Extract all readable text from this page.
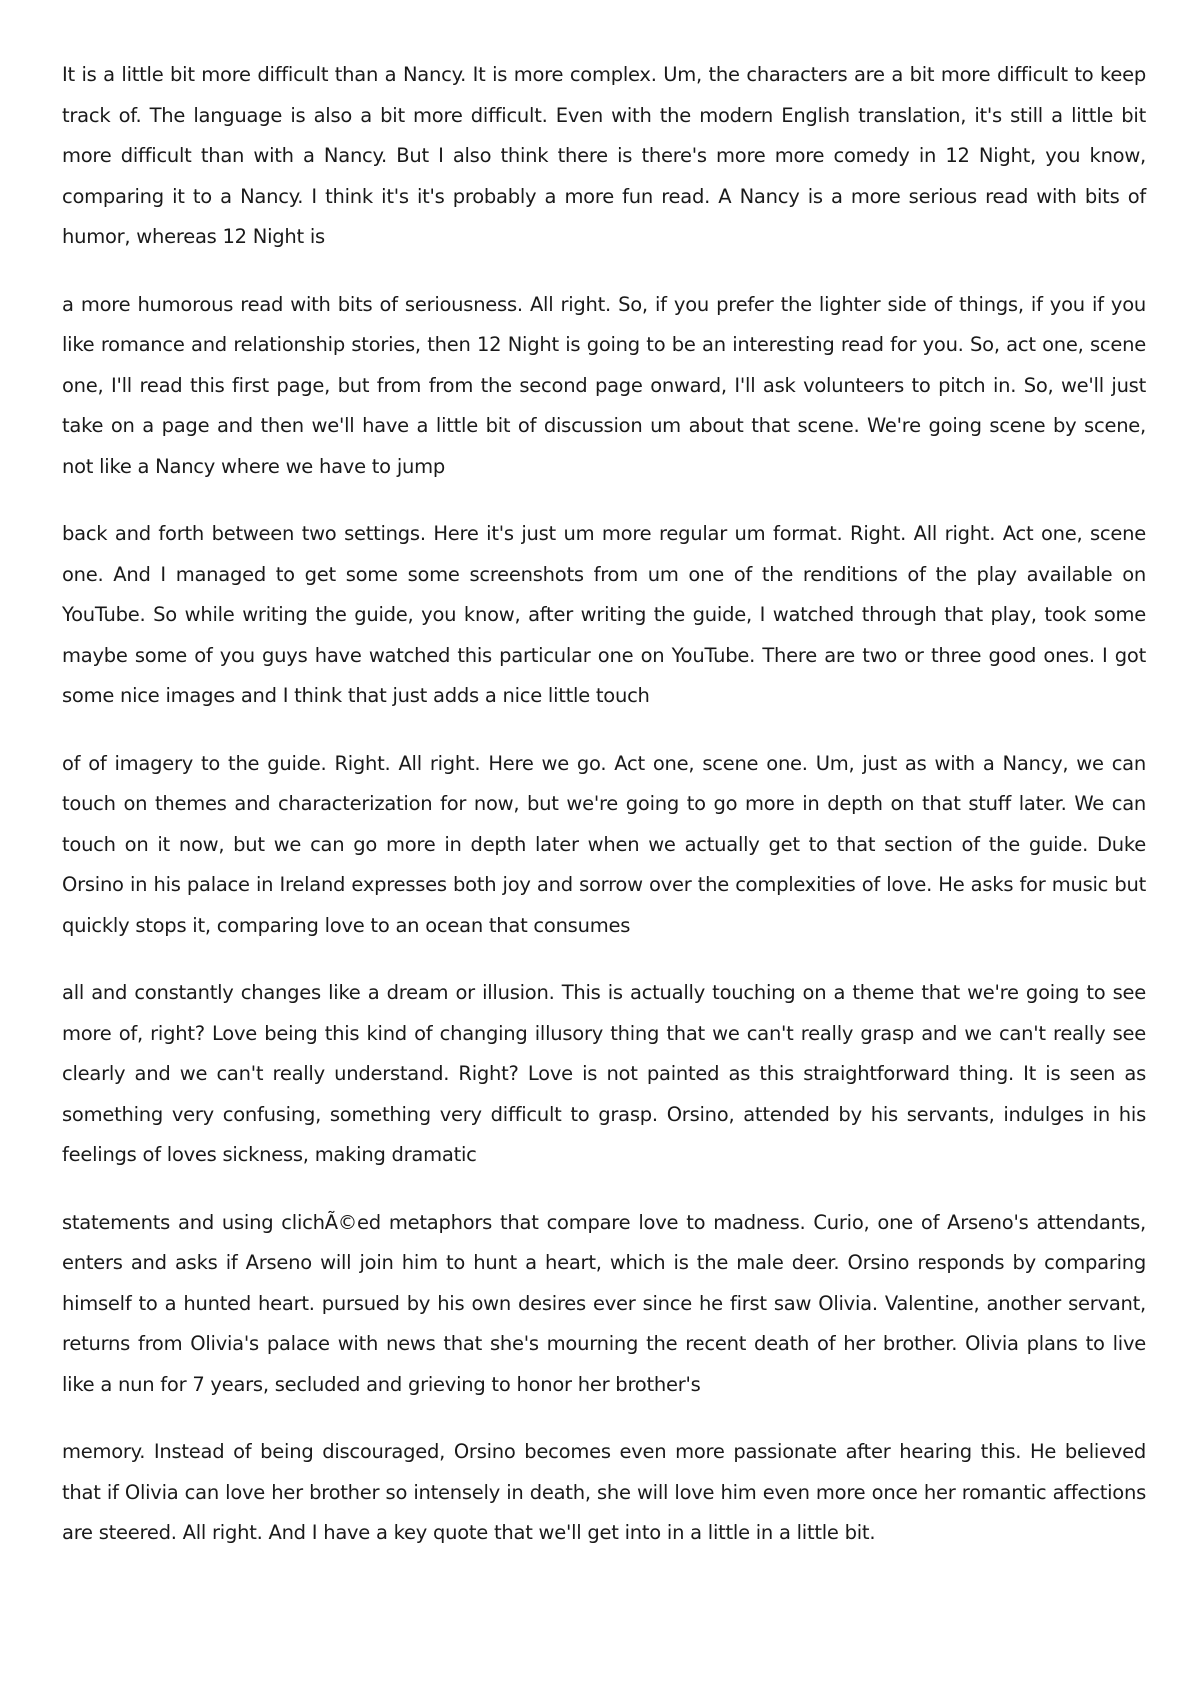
It is a little bit more difficult than a Nancy. It is more complex. Um, the characters are a bit more difficult to keep track of. The language is also a bit more difficult. Even with the modern English translation, it's still a little bit more difficult than with a Nancy. But I also think there is there's more more comedy in 12 Night, you know, comparing it to a Nancy. I think it's it's probably a more fun read. A Nancy is a more serious read with bits of humor, whereas 12 Night is

a more humorous read with bits of seriousness. All right. So, if you prefer the lighter side of things, if you if you like romance and relationship stories, then 12 Night is going to be an interesting read for you. So, act one, scene one, I'll read this first page, but from from the second page onward, I'll ask volunteers to pitch in. So, we'll just take on a page and then we'll have a little bit of discussion um about that scene. We're going scene by scene, not like a Nancy where we have to jump

back and forth between two settings. Here it's just um more regular um format. Right. All right. Act one, scene one. And I managed to get some some screenshots from um one of the renditions of the play available on YouTube. So while writing the guide, you know, after writing the guide, I watched through that play, took some maybe some of you guys have watched this particular one on YouTube. There are two or three good ones. I got some nice images and I think that just adds a nice little touch

of of imagery to the guide. Right. All right. Here we go. Act one, scene one. Um, just as with a Nancy, we can touch on themes and characterization for now, but we're going to go more in depth on that stuff later. We can touch on it now, but we can go more in depth later when we actually get to that section of the guide. Duke Orsino in his palace in Ireland expresses both joy and sorrow over the complexities of love. He asks for music but quickly stops it, comparing love to an ocean that consumes

all and constantly changes like a dream or illusion. This is actually touching on a theme that we're going to see more of, right? Love being this kind of changing illusory thing that we can't really grasp and we can't really see clearly and we can't really understand. Right? Love is not painted as this straightforward thing. It is seen as something very confusing, something very difficult to grasp. Orsino, attended by his servants, indulges in his feelings of loves sickness, making dramatic

statements and using clichÃ©ed metaphors that compare love to madness. Curio, one of Arseno's attendants, enters and asks if Arseno will join him to hunt a heart, which is the male deer. Orsino responds by comparing himself to a hunted heart. pursued by his own desires ever since he first saw Olivia. Valentine, another servant, returns from Olivia's palace with news that she's mourning the recent death of her brother. Olivia plans to live like a nun for 7 years, secluded and grieving to honor her brother's

memory. Instead of being discouraged, Orsino becomes even more passionate after hearing this. He believed that if Olivia can love her brother so intensely in death, she will love him even more once her romantic affections are steered. All right. And I have a key quote that we'll get into in a little in a little bit.
